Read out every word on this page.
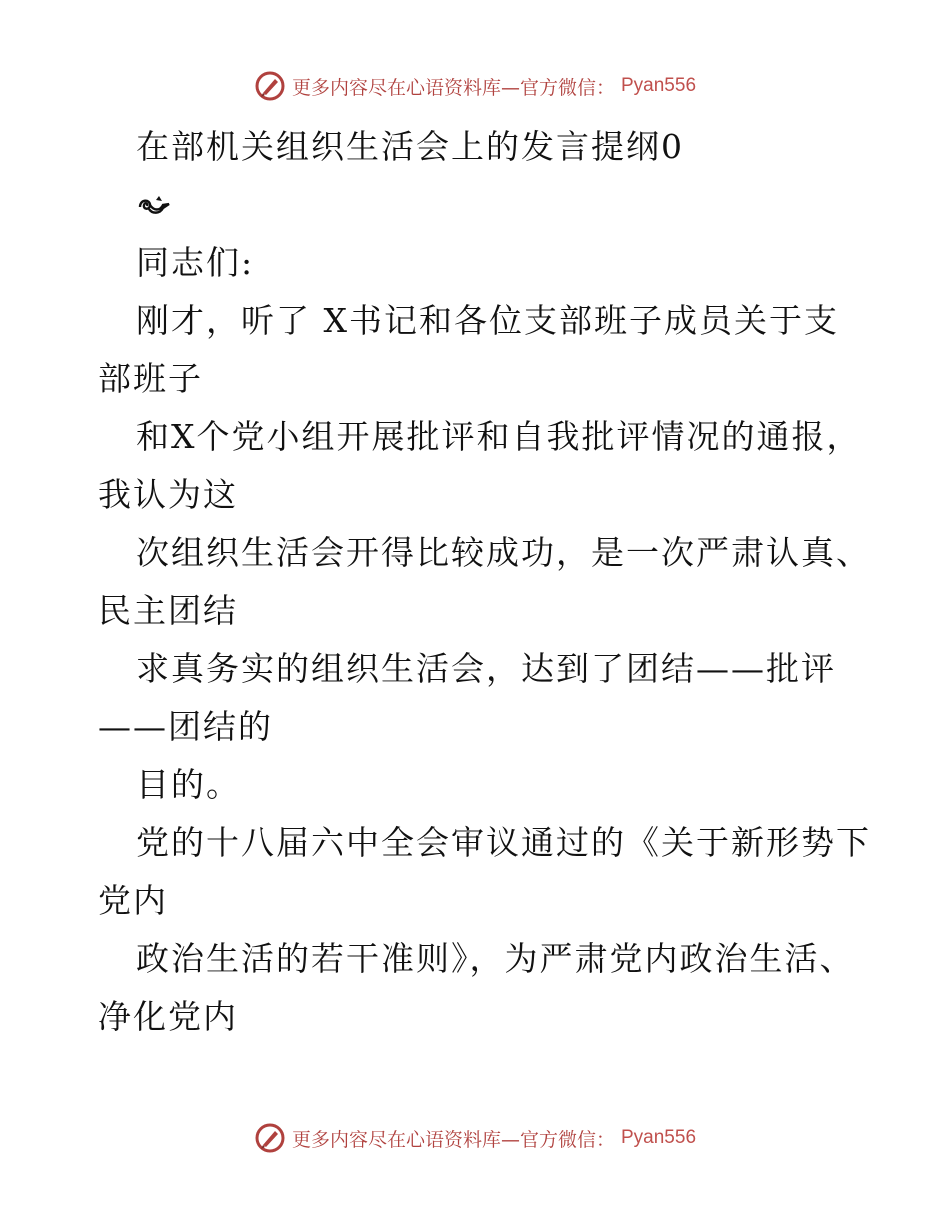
更多内容尽在心语资料库—官方微信： Pyan556
在部机关组织生活会上的发言提纲0
同志们:
刚才，听了 X书记和各位支部班子成员关于支
部班子
和X个党小组开展批评和自我批评情况的通报，
我认为这
次组织生活会开得比较成功，是一次严肃认真、
民主团结
求真务实的组织生活会，达到了团结——批评
——团结的
目的。
党的十八届六中全会审议通过的《关于新形势下
党内
政治生活的若干准则》，为严肃党内政治生活、
净化党内
更多内容尽在心语资料库—官方微信： Pyan556
